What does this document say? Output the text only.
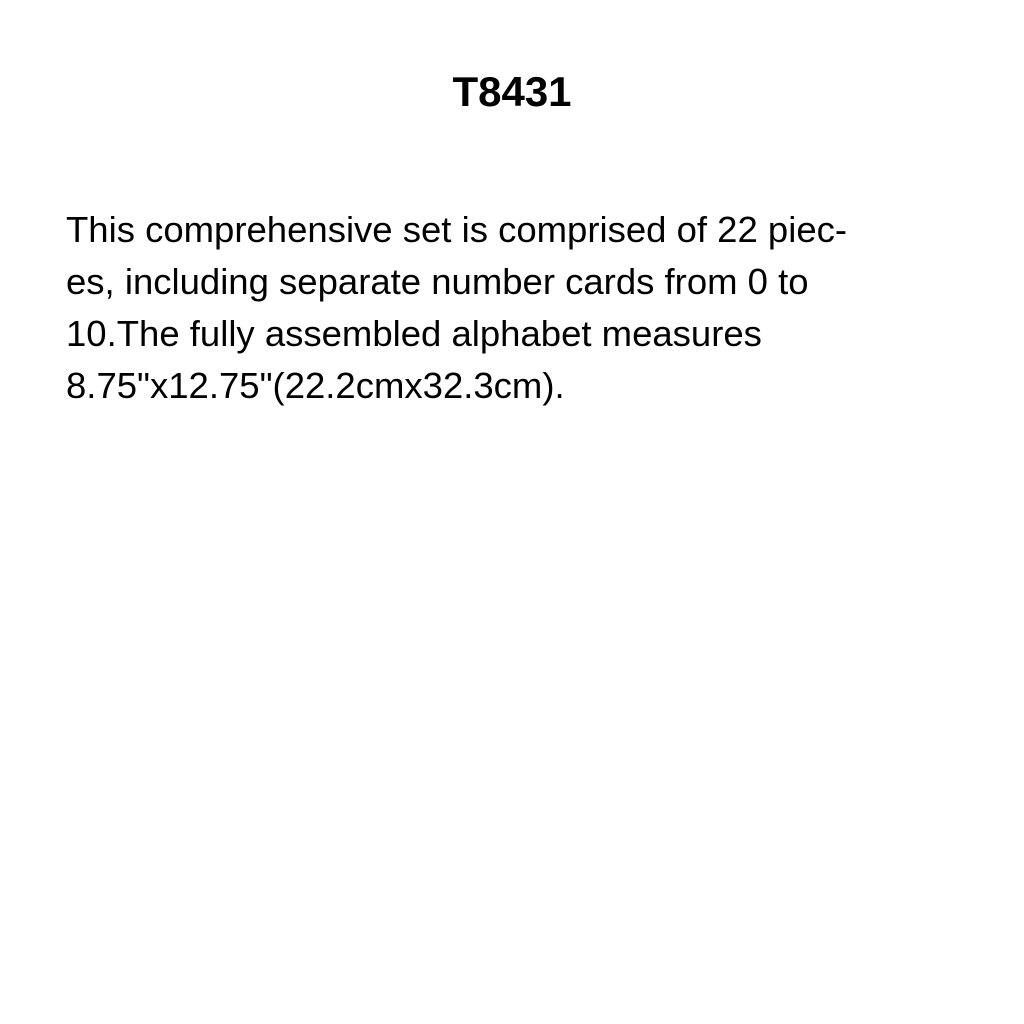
T8431

This comprehensive set is comprised of 22 piec-
es, including separate number cards from 0 to
10.The fully assembled alphabet measures
8.75"x12.75"(22.2cmx32.3cm).
